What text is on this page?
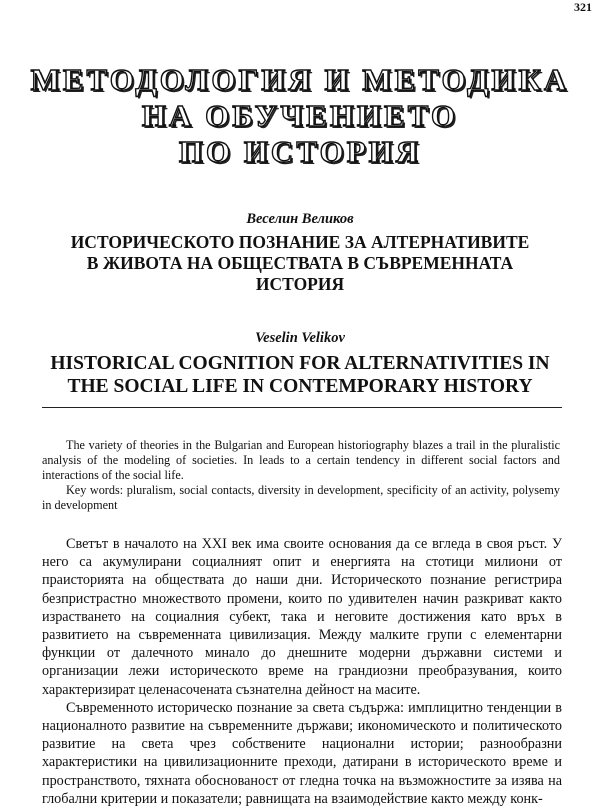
321
МЕТОДОЛОГИЯ И МЕТОДИКА
НА ОБУЧЕНИЕТО
ПО ИСТОРИЯ
Веселин Великов
ИСТОРИЧЕСКОТО ПОЗНАНИЕ ЗА АЛТЕРНАТИВИТЕ
В ЖИВОТА НА ОБЩЕСТВАТА В СЪВРЕМЕННАТА
ИСТОРИЯ
Veselin Velikov
HISTORICAL COGNITION FOR ALTERNATIVITIES IN
THE SOCIAL LIFE IN CONTEMPORARY HISTORY

The variety of theories in the Bulgarian and European historiography blazes a trail in the pluralistic analysis of the modeling of societies. In leads to a certain tendency in different social factors and interactions of the social life.

Key words: pluralism, social contacts, diversity in development, specificity of an activity, polysemy in development

Светът в началото на XXI век има своите основания да се вгледа в своя ръст. У него са акумулирани социалният опит и енергията на стотици милиони от праисторията на обществата до наши дни. Историческото познание регистрира безпристрастно множеството промени, които по удивителен начин разкриват както израстването на социалния субект, така и неговите достижения като връх в развитието на съвременната цивилизация. Между малките групи с елементарни функции от далечното минало до днешните модерни държавни системи и организации лежи историческото време на грандиозни преобразувания, които характеризират целенасочената съзнателна дейност на масите.

Съвременното историческо познание за света съдържа: имплицитно тенденции в националното развитие на съвременните държави; икономическото и политическото развитие на света чрез собствените национални истории; разнообразни характеристики на цивилизационните преходи, датирани в историческото време и пространството, тяхната обоснованост от гледна точка на възможностите за изява на глобални критерии и показатели; равнищата на взаимодействие както между конк-
